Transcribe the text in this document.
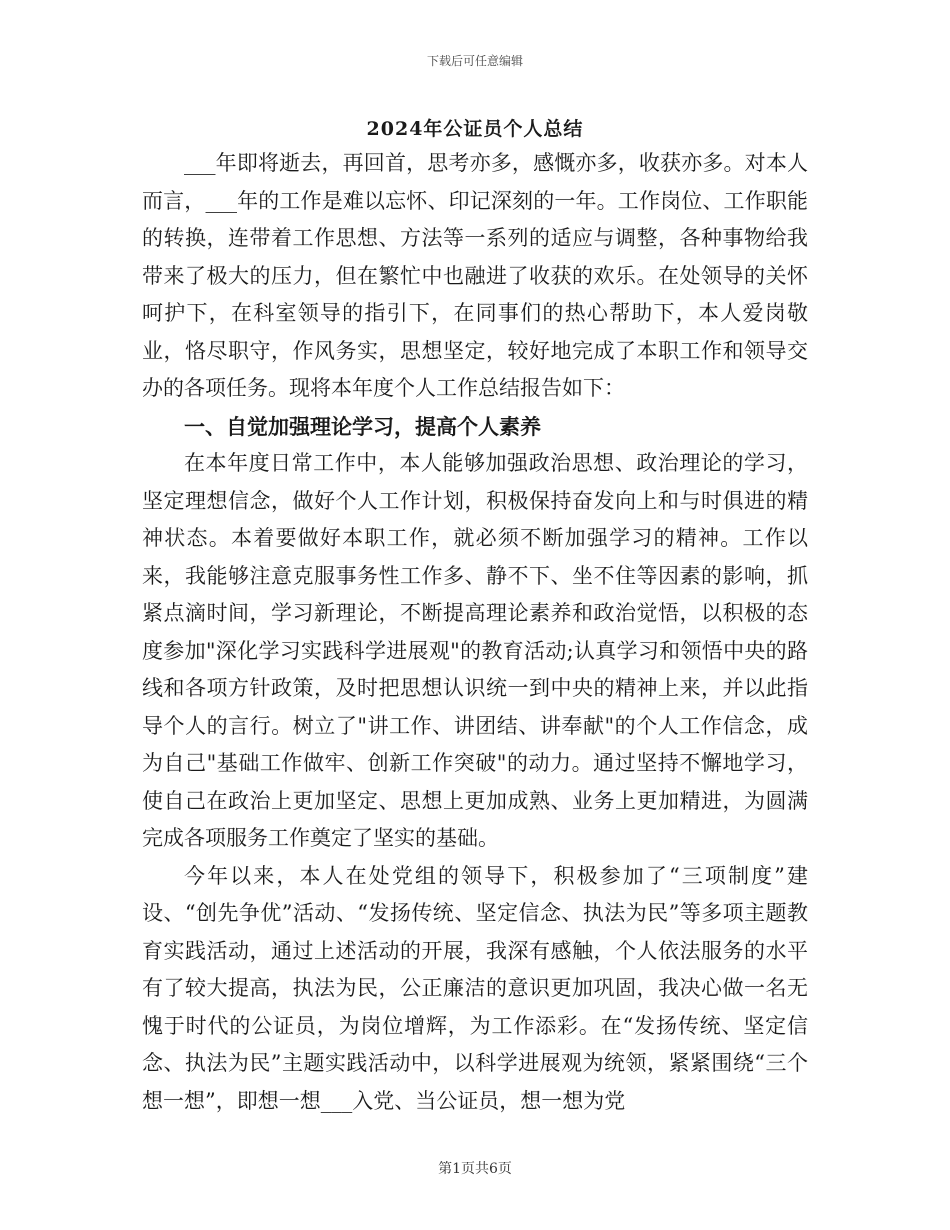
下载后可任意编辑
2024年公证员个人总结

___年即将逝去，再回首，思考亦多，感慨亦多，收获亦多。对本人而言，___年的工作是难以忘怀、印记深刻的一年。工作岗位、工作职能的转换，连带着工作思想、方法等一系列的适应与调整，各种事物给我带来了极大的压力，但在繁忙中也融进了收获的欢乐。在处领导的关怀呵护下，在科室领导的指引下，在同事们的热心帮助下，本人爱岗敬业，恪尽职守，作风务实，思想坚定，较好地完成了本职工作和领导交办的各项任务。现将本年度个人工作总结报告如下：

一、自觉加强理论学习，提高个人素养

在本年度日常工作中，本人能够加强政治思想、政治理论的学习，坚定理想信念，做好个人工作计划，积极保持奋发向上和与时俱进的精神状态。本着要做好本职工作，就必须不断加强学习的精神。工作以来，我能够注意克服事务性工作多、静不下、坐不住等因素的影响，抓紧点滴时间，学习新理论，不断提高理论素养和政治觉悟，以积极的态度参加"深化学习实践科学进展观"的教育活动;认真学习和领悟中央的路线和各项方针政策，及时把思想认识统一到中央的精神上来，并以此指导个人的言行。树立了"讲工作、讲团结、讲奉献"的个人工作信念，成为自己"基础工作做牢、创新工作突破"的动力。通过坚持不懈地学习，使自己在政治上更加坚定、思想上更加成熟、业务上更加精进，为圆满完成各项服务工作奠定了坚实的基础。

今年以来，本人在处党组的领导下，积极参加了“三项制度”建设、“创先争优”活动、“发扬传统、坚定信念、执法为民”等多项主题教育实践活动，通过上述活动的开展，我深有感触，个人依法服务的水平有了较大提高，执法为民，公正廉洁的意识更加巩固，我决心做一名无愧于时代的公证员，为岗位增辉，为工作添彩。在“发扬传统、坚定信念、执法为民”主题实践活动中，以科学进展观为统领，紧紧围绕“三个想一想”，即想一想___入党、当公证员，想一想为党

第1页共6页
